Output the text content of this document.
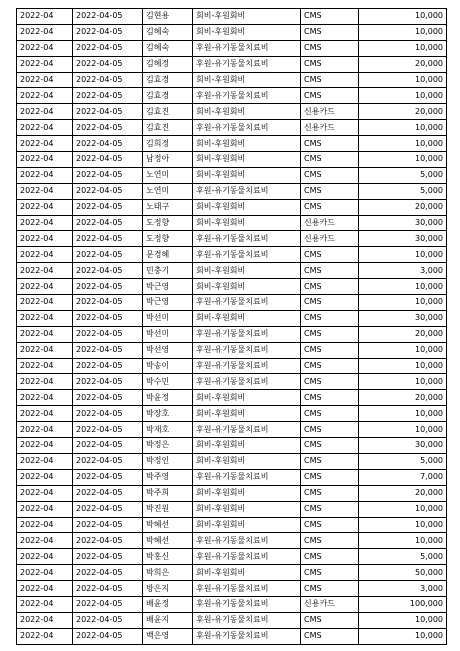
2022-04	2022-04-05	김현용	회비-후원회비	CMS	10,000
2022-04	2022-04-05	김혜숙	회비-후원회비	CMS	10,000
2022-04	2022-04-05	김혜숙	후원-유기동물치료비	CMS	10,000
2022-04	2022-04-05	김혜정	후원-유기동물치료비	CMS	20,000
2022-04	2022-04-05	김효경	회비-후원회비	CMS	10,000
2022-04	2022-04-05	김효경	후원-유기동물치료비	CMS	10,000
2022-04	2022-04-05	김효진	회비-후원회비	신용카드	20,000
2022-04	2022-04-05	김효진	후원-유기동물치료비	신용카드	10,000
2022-04	2022-04-05	김희정	회비-후원회비	CMS	10,000
2022-04	2022-04-05	남정아	회비-후원회비	CMS	10,000
2022-04	2022-04-05	노연미	회비-후원회비	CMS	5,000
2022-04	2022-04-05	노연미	후원-유기동물치료비	CMS	5,000
2022-04	2022-04-05	노태구	회비-후원회비	CMS	20,000
2022-04	2022-04-05	도정향	회비-후원회비	신용카드	30,000
2022-04	2022-04-05	도정향	후원-유기동물치료비	신용카드	30,000
2022-04	2022-04-05	문경혜	후원-유기동물치료비	CMS	10,000
2022-04	2022-04-05	민충기	회비-후원회비	CMS	3,000
2022-04	2022-04-05	박근영	회비-후원회비	CMS	10,000
2022-04	2022-04-05	박근영	후원-유기동물치료비	CMS	10,000
2022-04	2022-04-05	박선미	회비-후원회비	CMS	30,000
2022-04	2022-04-05	박선미	후원-유기동물치료비	CMS	20,000
2022-04	2022-04-05	박선영	후원-유기동물치료비	CMS	10,000
2022-04	2022-04-05	박송이	후원-유기동물치료비	CMS	10,000
2022-04	2022-04-05	박수민	후원-유기동물치료비	CMS	10,000
2022-04	2022-04-05	박윤정	회비-후원회비	CMS	20,000
2022-04	2022-04-05	박장호	회비-후원회비	CMS	10,000
2022-04	2022-04-05	박재호	후원-유기동물치료비	CMS	10,000
2022-04	2022-04-05	박정은	회비-후원회비	CMS	30,000
2022-04	2022-04-05	박정인	회비-후원회비	CMS	5,000
2022-04	2022-04-05	박주영	후원-유기동물치료비	CMS	7,000
2022-04	2022-04-05	박주희	회비-후원회비	CMS	20,000
2022-04	2022-04-05	박진원	회비-후원회비	CMS	10,000
2022-04	2022-04-05	박혜선	회비-후원회비	CMS	10,000
2022-04	2022-04-05	박혜선	후원-유기동물치료비	CMS	10,000
2022-04	2022-04-05	박홍신	후원-유기동물치료비	CMS	5,000
2022-04	2022-04-05	박희은	회비-후원회비	CMS	50,000
2022-04	2022-04-05	방은지	후원-유기동물치료비	CMS	3,000
2022-04	2022-04-05	배윤정	후원-유기동물치료비	신용카드	100,000
2022-04	2022-04-05	배윤지	후원-유기동물치료비	CMS	10,000
2022-04	2022-04-05	백은영	후원-유기동물치료비	CMS	10,000
